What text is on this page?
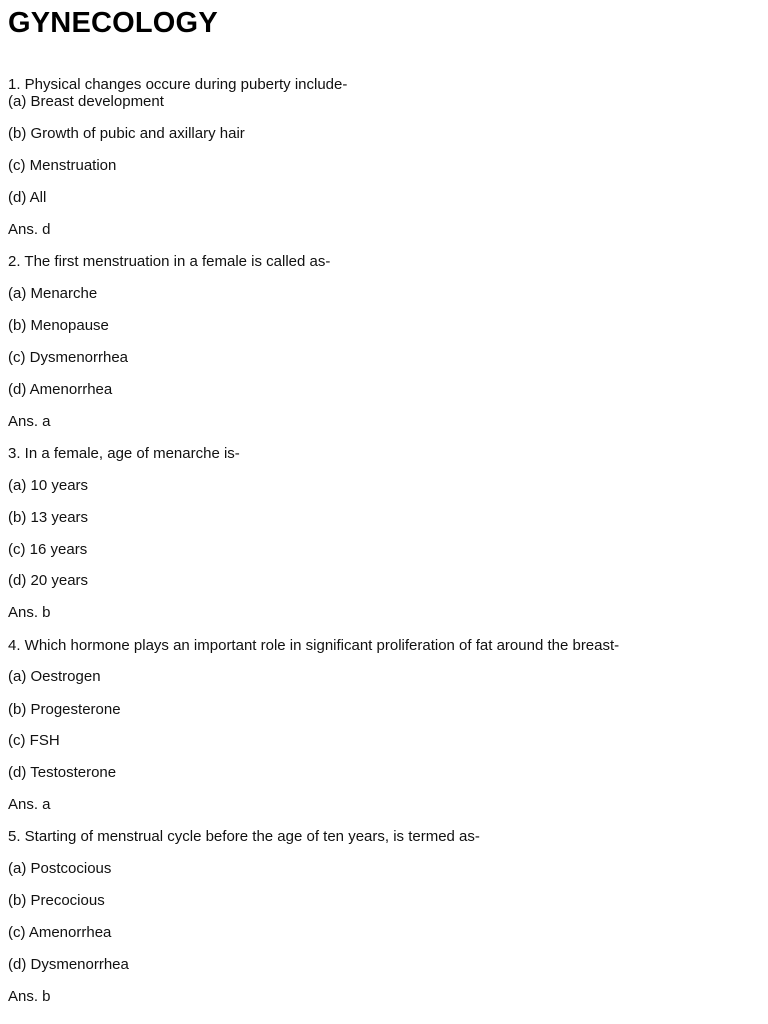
GYNECOLOGY

1. Physical changes occure during puberty include-

(a) Breast development

(b) Growth of pubic and axillary hair

(c) Menstruation

(d) All

Ans. d

2. The first menstruation in a female is called as-

(a) Menarche

(b) Menopause

(c) Dysmenorrhea

(d) Amenorrhea

Ans. a

3. In a female, age of menarche is-

(a) 10 years

(b) 13 years

(c) 16 years

(d) 20 years

Ans. b

4. Which hormone plays an important role in significant proliferation of fat around the breast-

(a) Oestrogen

(b) Progesterone

(c) FSH

(d) Testosterone

Ans. a

5. Starting of menstrual cycle before the age of ten years, is termed as-

(a) Postcocious

(b) Precocious

(c) Amenorrhea

(d) Dysmenorrhea

Ans. b
